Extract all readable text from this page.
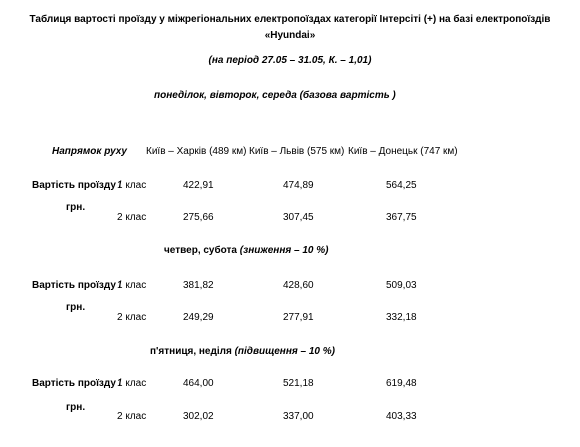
Таблиця вартості проїзду у міжрегіональних електропоїздах категорії Інтерсіті (+) на базі електропоїздів
«Hyundai»
(на період 27.05 – 31.05, К. – 1,01)
понеділок, вівторок, середа (базова вартість )
Напрямок руху Київ – Харків (489 км) Київ – Львів (575 км) Київ – Донецьк (747 км)
Вартість проїзду /
1 клас	422,91	474,89	564,25
грн.
2 клас	275,66	307,45	367,75
четвер, субота (зниження – 10 %)
Вартість проїзду /
1 клас	381,82	428,60	509,03
грн.
2 клас	249,29	277,91	332,18
п'ятниця, неділя (підвищення – 10 %)
Вартість проїзду /
1 клас	464,00	521,18	619,48
грн.
2 клас	302,02	337,00	403,33
